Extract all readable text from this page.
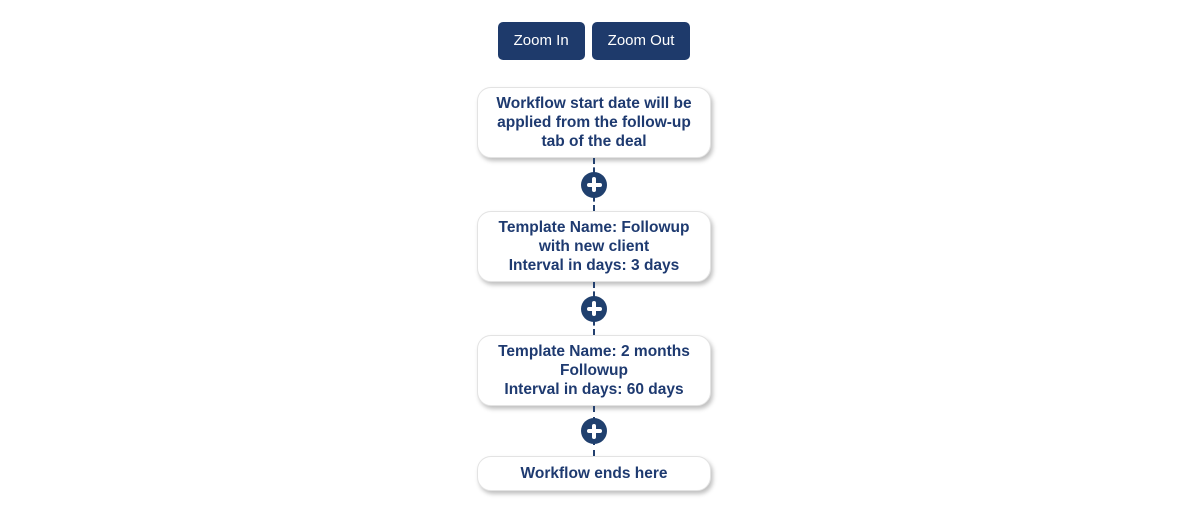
Zoom In	Zoom Out
Workflow start date will be
applied from the follow-up
tab of the deal
Template Name: Followup
with new client
Interval in days: 3 days
Template Name: 2 months
Followup
Interval in days: 60 days
Workflow ends here
